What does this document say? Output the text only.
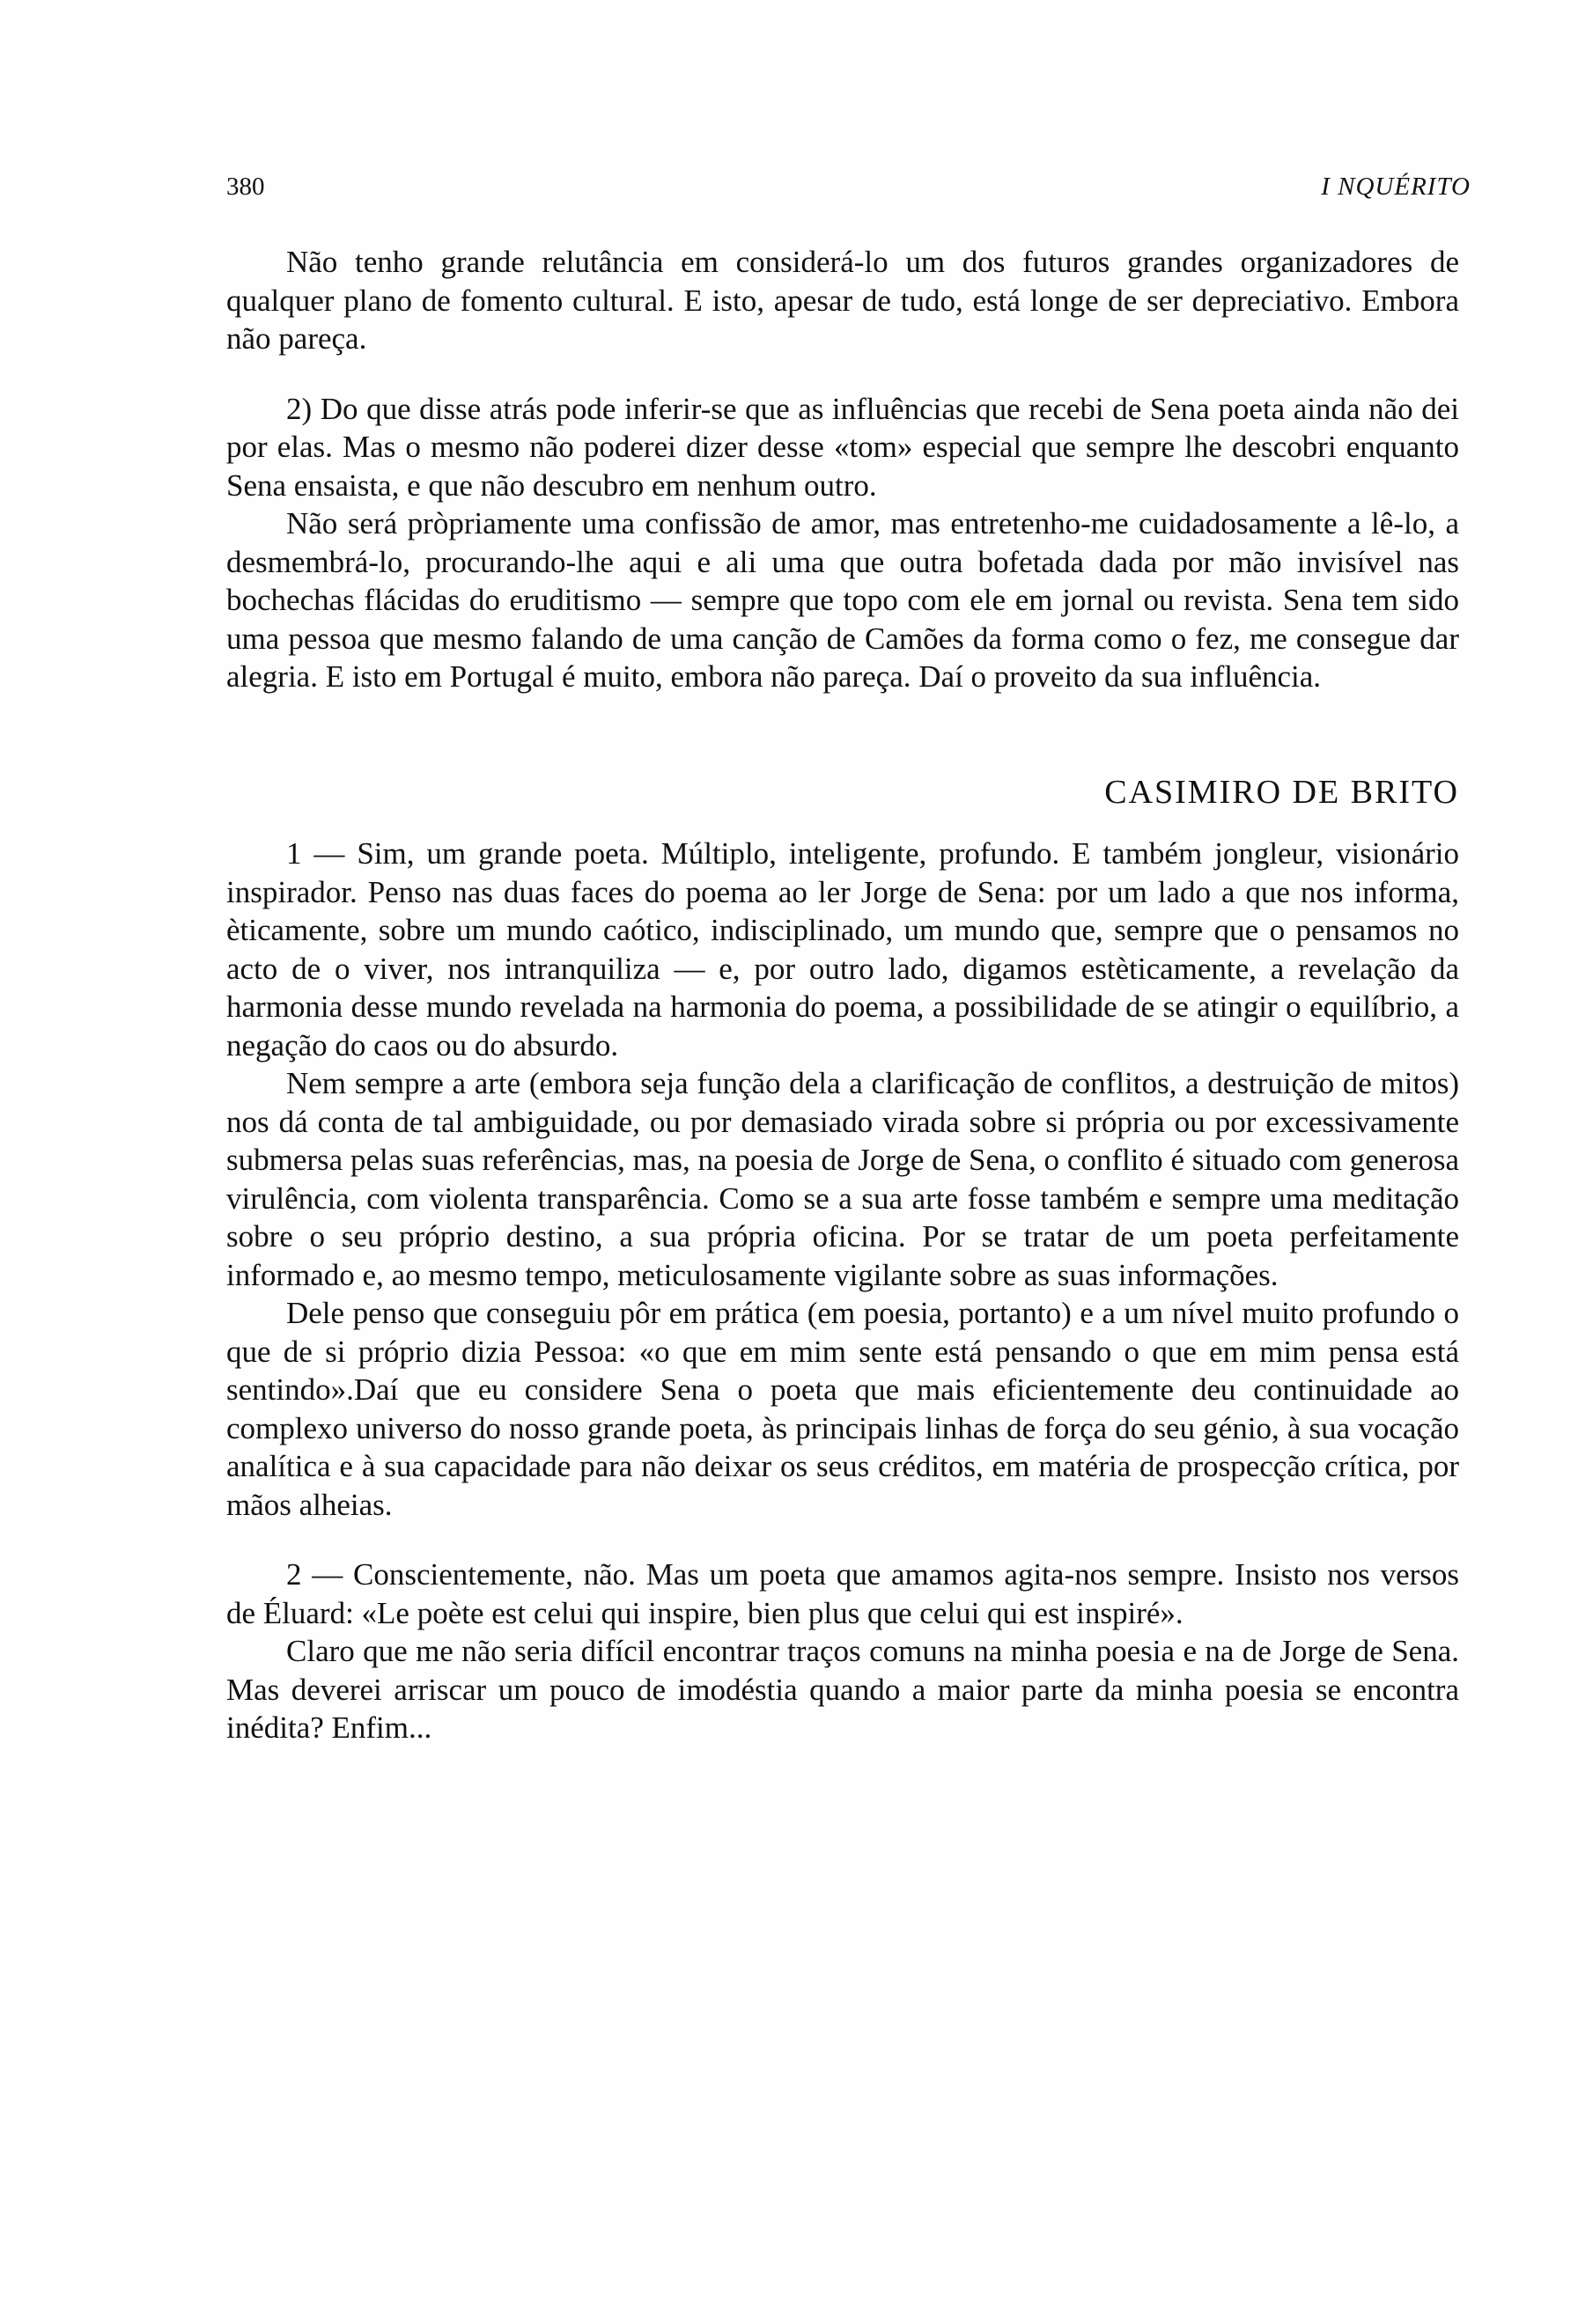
380	I NQUÉRITO

Não tenho grande relutância em considerá-lo um dos futuros grandes organizadores de qualquer plano de fomento cultural. E isto, apesar de tudo, está longe de ser depreciativo. Embora não pareça.

2) Do que disse atrás pode inferir-se que as influências que recebi de Sena poeta ainda não dei por elas. Mas o mesmo não poderei dizer desse «tom» especial que sempre lhe descobri enquanto Sena ensaista, e que não descubro em nenhum outro.

Não será pròpriamente uma confissão de amor, mas entretenho-me cuidadosamente a lê-lo, a desmembrá-lo, procurando-lhe aqui e ali uma que outra bofetada dada por mão invisível nas bochechas flácidas do eruditismo — sempre que topo com ele em jornal ou revista. Sena tem sido uma pessoa que mesmo falando de uma canção de Camões da forma como o fez, me consegue dar alegria. E isto em Portugal é muito, embora não pareça. Daí o proveito da sua influência.

CASIMIRO DE BRITO

1 — Sim, um grande poeta. Múltiplo, inteligente, profundo. E também jongleur, visionário inspirador. Penso nas duas faces do poema ao ler Jorge de Sena: por um lado a que nos informa, èticamente, sobre um mundo caótico, indisciplinado, um mundo que, sempre que o pensamos no acto de o viver, nos intranquiliza — e, por outro lado, digamos estèticamente, a revelação da harmonia desse mundo revelada na harmonia do poema, a possibilidade de se atingir o equilíbrio, a negação do caos ou do absurdo.

Nem sempre a arte (embora seja função dela a clarificação de conflitos, a destruição de mitos) nos dá conta de tal ambiguidade, ou por demasiado virada sobre si própria ou por excessivamente submersa pelas suas referências, mas, na poesia de Jorge de Sena, o conflito é situado com generosa virulência, com violenta transparência. Como se a sua arte fosse também e sempre uma meditação sobre o seu próprio destino, a sua própria oficina. Por se tratar de um poeta perfeitamente informado e, ao mesmo tempo, meticulosamente vigilante sobre as suas informações.

Dele penso que conseguiu pôr em prática (em poesia, portanto) e a um nível muito profundo o que de si próprio dizia Pessoa: «o que em mim sente está pensando o que em mim pensa está sentindo».Daí que eu considere Sena o poeta que mais eficientemente deu continuidade ao complexo universo do nosso grande poeta, às principais linhas de força do seu génio, à sua vocação analítica e à sua capacidade para não deixar os seus créditos, em matéria de prospecção crítica, por mãos alheias.

2 — Conscientemente, não. Mas um poeta que amamos agita-nos sempre. Insisto nos versos de Éluard: «Le poète est celui qui inspire, bien plus que celui qui est inspiré».

Claro que me não seria difícil encontrar traços comuns na minha poesia e na de Jorge de Sena. Mas deverei arriscar um pouco de imodéstia quando a maior parte da minha poesia se encontra inédita? Enfim...
